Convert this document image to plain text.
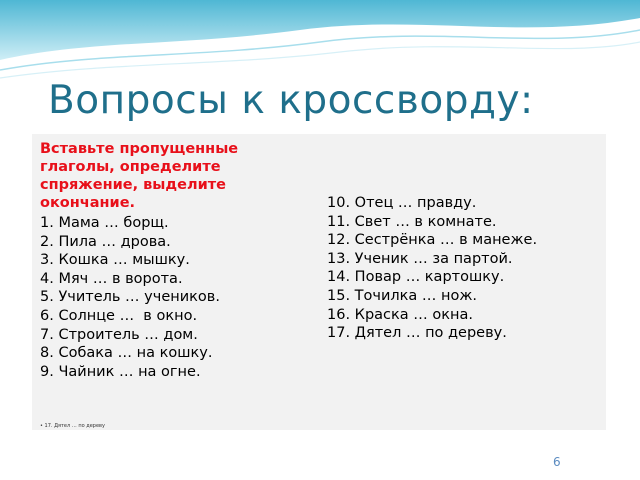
Вопросы к кроссворду:
Вставьте пропущенные глаголы, определите спряжение, выделите окончание.
1. Мама … борщ.
2. Пила … дрова.
3. Кошка … мышку.
4. Мяч … в ворота.
5. Учитель … учеников.
6. Солнце …  в окно.
7. Строитель … дом.
8. Собака … на кошку.
9. Чайник … на огне.
10. Отец … правду.
11. Свет … в комнате.
12. Сестрёнка … в манеже.
13. Ученик … за партой.
14. Повар … картошку.
15. Точилка … нож.
16. Краска … окна.
17. Дятел … по дереву.
• 17. Дятел … по дереву
6
